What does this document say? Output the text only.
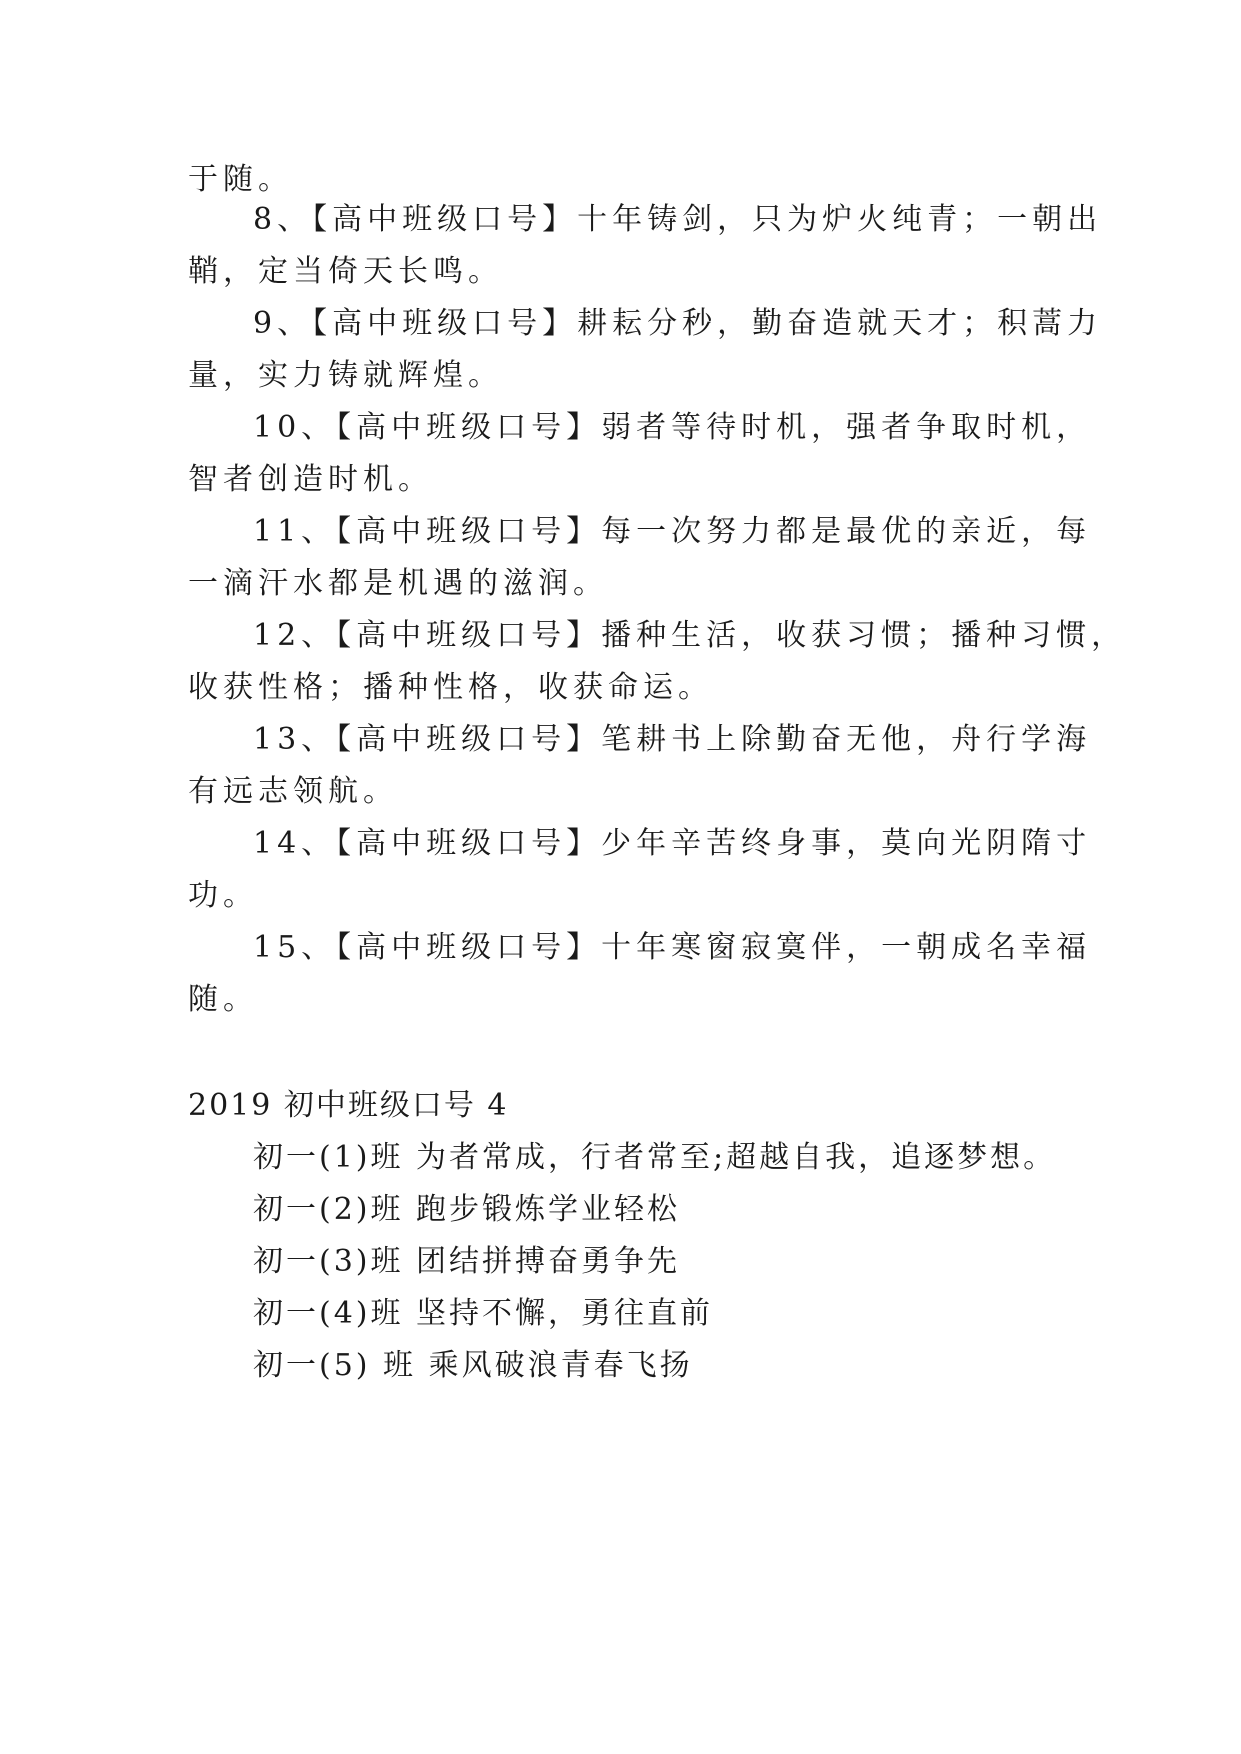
于随。
8、【高中班级口号】十年铸剑，只为炉火纯青；一朝出
鞘，定当倚天长鸣。
9、【高中班级口号】耕耘分秒，勤奋造就天才；积蒿力
量，实力铸就辉煌。
10、【高中班级口号】弱者等待时机，强者争取时机，
智者创造时机。
11、【高中班级口号】每一次努力都是最优的亲近，每
一滴汗水都是机遇的滋润。
12、【高中班级口号】播种生活，收获习惯；播种习惯，
收获性格；播种性格，收获命运。
13、【高中班级口号】笔耕书上除勤奋无他，舟行学海
有远志领航。
14、【高中班级口号】少年辛苦终身事，莫向光阴隋寸
功。
15、【高中班级口号】十年寒窗寂寞伴，一朝成名幸福
随。
2019 初中班级口号 4
初一(1)班 为者常成，行者常至;超越自我，追逐梦想。
初一(2)班 跑步锻炼学业轻松
初一(3)班 团结拼搏奋勇争先
初一(4)班 坚持不懈，勇往直前
初一(5) 班 乘风破浪青春飞扬
